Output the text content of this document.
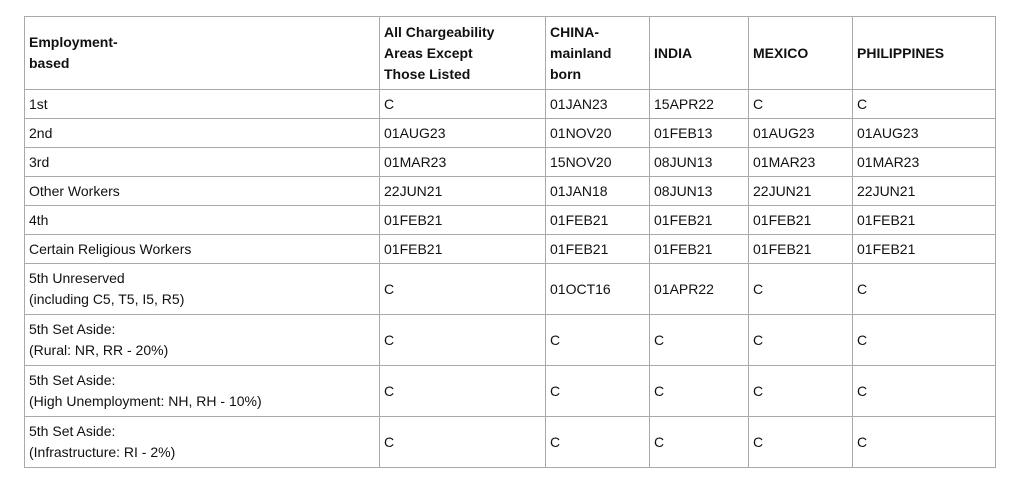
Employment-
based	All Chargeability
Areas Except
Those Listed	CHINA-
mainland
born	INDIA	MEXICO	PHILIPPINES

1st	C	01JAN23	15APR22	C	C
2nd	01AUG23	01NOV20	01FEB13	01AUG23	01AUG23
3rd	01MAR23	15NOV20	08JUN13	01MAR23	01MAR23
Other Workers	22JUN21	01JAN18	08JUN13	22JUN21	22JUN21
4th	01FEB21	01FEB21	01FEB21	01FEB21	01FEB21
Certain Religious Workers	01FEB21	01FEB21	01FEB21	01FEB21	01FEB21

5th Unreserved
(including C5, T5, I5, R5)	C	01OCT16	01APR22	C	C

5th Set Aside:
(Rural: NR, RR - 20%)	C	C	C	C	C

5th Set Aside:
(High Unemployment: NH, RH - 10%)	C	C	C	C	C

5th Set Aside:
(Infrastructure: RI - 2%)	C	C	C	C	C
